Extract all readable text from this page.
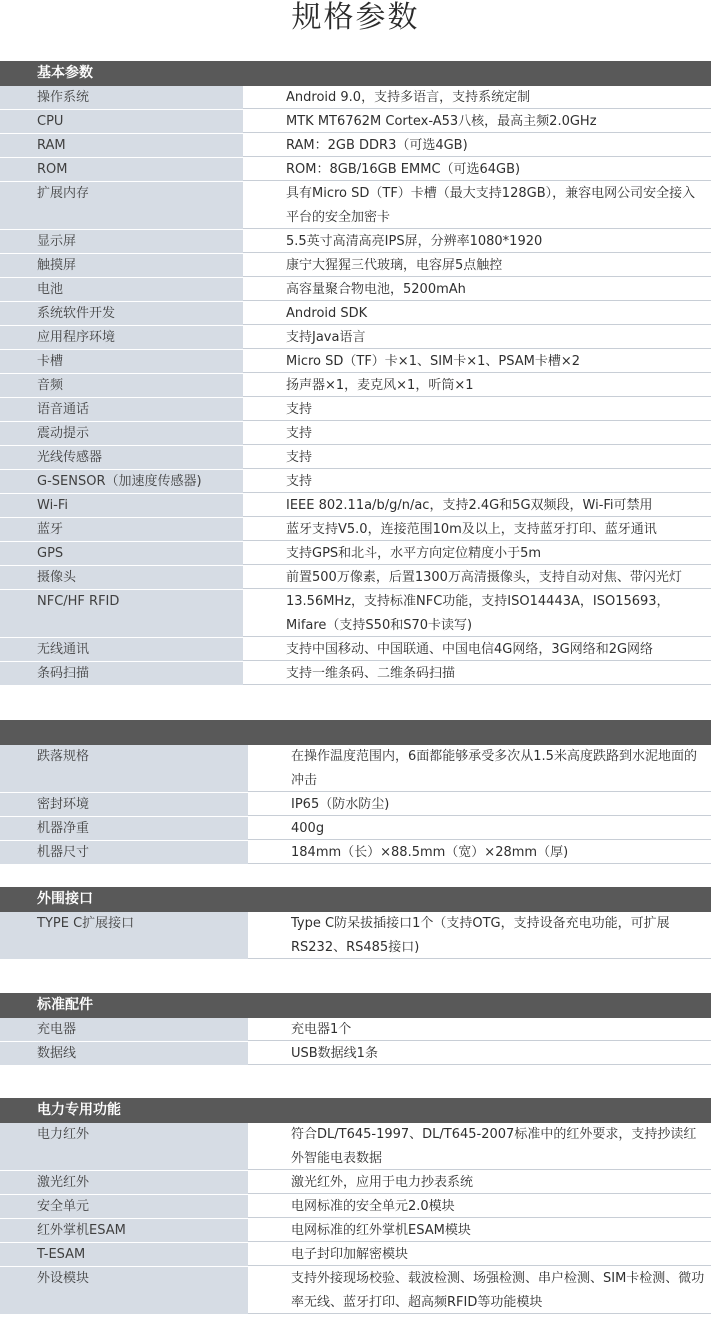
规格参数
基本参数
操作系统	Android 9.0，支持多语言，支持系统定制
CPU	MTK MT6762M Cortex-A53八核，最高主频2.0GHz
RAM	RAM：2GB DDR3（可选4GB)
ROM	ROM：8GB/16GB EMMC（可选64GB)
扩展内存	具有Micro SD（TF）卡槽（最大支持128GB），兼容电网公司安全接入平台的安全加密卡
显示屏	5.5英寸高清高亮IPS屏，分辨率1080*1920
触摸屏	康宁大猩猩三代玻璃，电容屏5点触控
电池	高容量聚合物电池，5200mAh
系统软件开发	Android SDK
应用程序环境	支持Java语言
卡槽	Micro SD（TF）卡×1、SIM卡×1、PSAM卡槽×2
音频	扬声器×1，麦克风×1，听筒×1
语音通话	支持
震动提示	支持
光线传感器	支持
G-SENSOR（加速度传感器)	支持
Wi-Fi	IEEE 802.11a/b/g/n/ac，支持2.4G和5G双频段，Wi-Fi可禁用
蓝牙	蓝牙支持V5.0，连接范围10m及以上，支持蓝牙打印、蓝牙通讯
GPS	支持GPS和北斗，水平方向定位精度小于5m
摄像头	前置500万像素，后置1300万高清摄像头，支持自动对焦、带闪光灯
NFC/HF RFID	13.56MHz，支持标准NFC功能，支持ISO14443A，ISO15693，Mifare（支持S50和S70卡读写)
无线通讯	支持中国移动、中国联通、中国电信4G网络，3G网络和2G网络
条码扫描	支持一维条码、二维条码扫描
跌落规格	在操作温度范围内，6面都能够承受多次从1.5米高度跌路到水泥地面的冲击
密封环境	IP65（防水防尘)
机器净重	400g
机器尺寸	184mm（长）×88.5mm（宽）×28mm（厚)
外围接口
TYPE C扩展接口	Type C防呆拔插接口1个（支持OTG，支持设备充电功能，可扩展RS232、RS485接口)
标准配件
充电器	充电器1个
数据线	USB数据线1条
电力专用功能
电力红外	符合DL/T645-1997、DL/T645-2007标准中的红外要求，支持抄读红外智能电表数据
激光红外	激光红外，应用于电力抄表系统
安全单元	电网标准的安全单元2.0模块
红外掌机ESAM	电网标准的红外掌机ESAM模块
T-ESAM	电子封印加解密模块
外设模块	支持外接现场校验、载波检测、场强检测、串户检测、SIM卡检测、微功率无线、蓝牙打印、超高频RFID等功能模块
